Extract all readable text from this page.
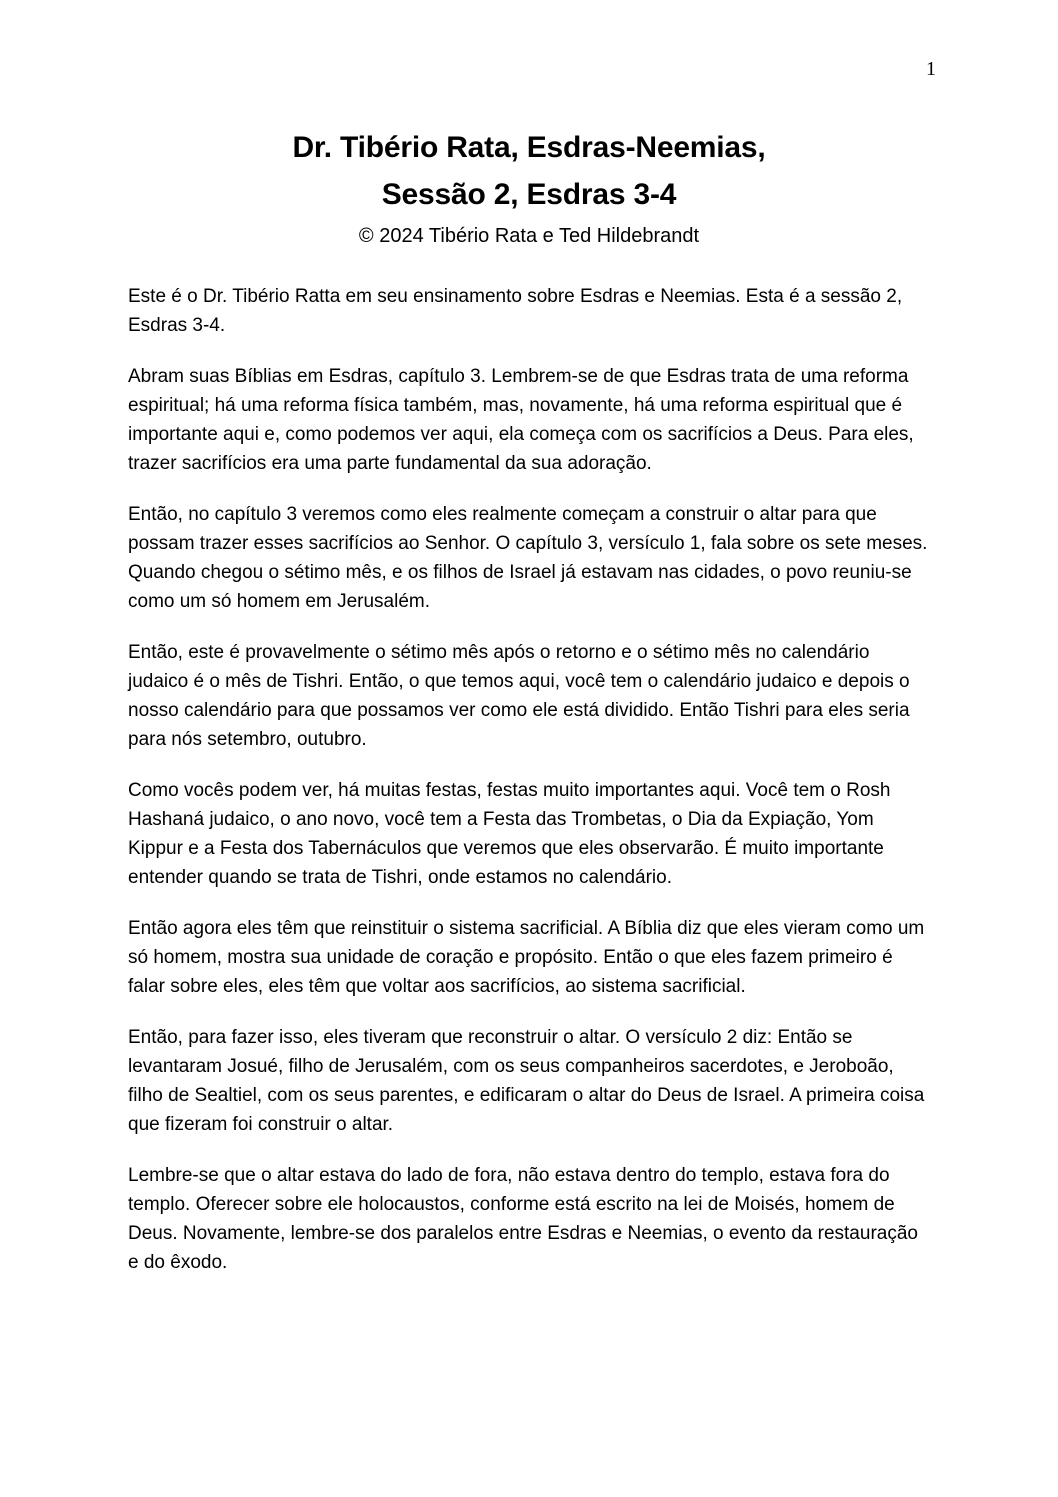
1
Dr. Tibério Rata, Esdras-Neemias,
Sessão 2, Esdras 3-4
© 2024 Tibério Rata e Ted Hildebrandt

Este é o Dr. Tibério Ratta em seu ensinamento sobre Esdras e Neemias. Esta é a sessão 2, Esdras 3-4.

Abram suas Bíblias em Esdras, capítulo 3. Lembrem-se de que Esdras trata de uma reforma espiritual; há uma reforma física também, mas, novamente, há uma reforma espiritual que é importante aqui e, como podemos ver aqui, ela começa com os sacrifícios a Deus. Para eles, trazer sacrifícios era uma parte fundamental da sua adoração.

Então, no capítulo 3 veremos como eles realmente começam a construir o altar para que possam trazer esses sacrifícios ao Senhor. O capítulo 3, versículo 1, fala sobre os sete meses. Quando chegou o sétimo mês, e os filhos de Israel já estavam nas cidades, o povo reuniu-se como um só homem em Jerusalém.

Então, este é provavelmente o sétimo mês após o retorno e o sétimo mês no calendário judaico é o mês de Tishri. Então, o que temos aqui, você tem o calendário judaico e depois o nosso calendário para que possamos ver como ele está dividido. Então Tishri para eles seria para nós setembro, outubro.

Como vocês podem ver, há muitas festas, festas muito importantes aqui. Você tem o Rosh Hashaná judaico, o ano novo, você tem a Festa das Trombetas, o Dia da Expiação, Yom Kippur e a Festa dos Tabernáculos que veremos que eles observarão. É muito importante entender quando se trata de Tishri, onde estamos no calendário.

Então agora eles têm que reinstituir o sistema sacrificial. A Bíblia diz que eles vieram como um só homem, mostra sua unidade de coração e propósito. Então o que eles fazem primeiro é falar sobre eles, eles têm que voltar aos sacrifícios, ao sistema sacrificial.

Então, para fazer isso, eles tiveram que reconstruir o altar. O versículo 2 diz: Então se levantaram Josué, filho de Jerusalém, com os seus companheiros sacerdotes, e Jeroboão, filho de Sealtiel, com os seus parentes, e edificaram o altar do Deus de Israel. A primeira coisa que fizeram foi construir o altar.

Lembre-se que o altar estava do lado de fora, não estava dentro do templo, estava fora do templo. Oferecer sobre ele holocaustos, conforme está escrito na lei de Moisés, homem de Deus. Novamente, lembre-se dos paralelos entre Esdras e Neemias, o evento da restauração e do êxodo.
